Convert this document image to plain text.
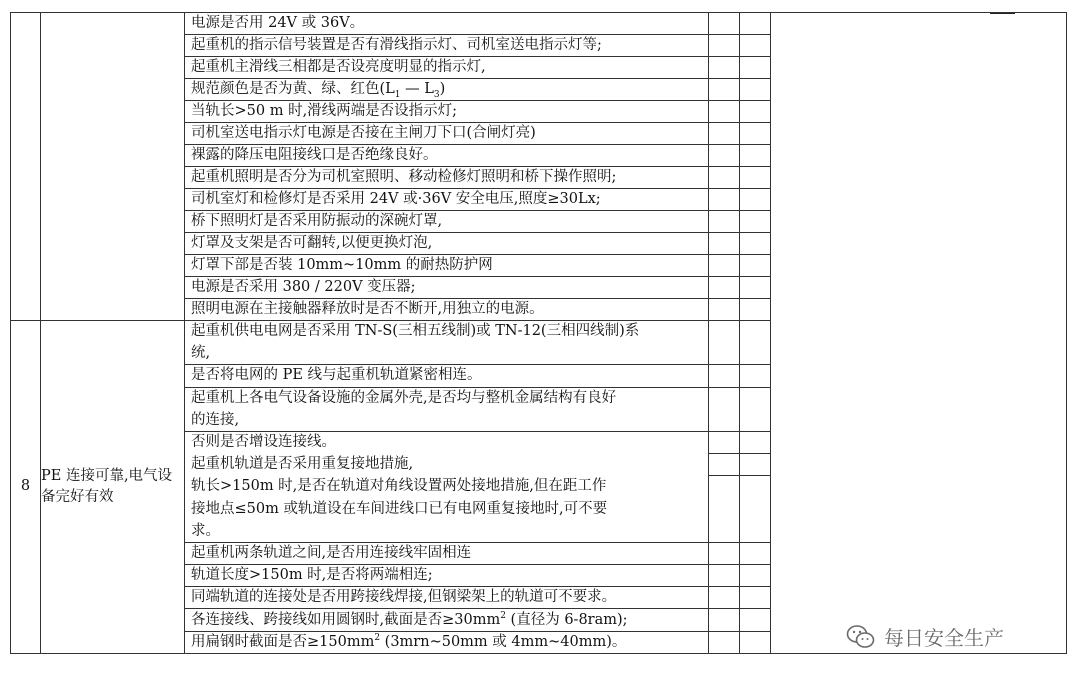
		电源是否用 24V 或 36V。			
		起重机的指示信号装置是否有滑线指示灯、司机室送电指示灯等;			
		起重机主滑线三相都是否设亮度明显的指示灯,			
		规范颜色是否为黄、绿、红色($L_1$ — $L_3$)			
		当轨长>50 m 时,滑线两端是否设指示灯;			
		司机室送电指示灯电源是否接在主闸刀下口(合闸灯亮)			
		裸露的降压电阻接线口是否绝缘良好。			
		起重机照明是否分为司机室照明、移动检修灯照明和桥下操作照明;			
		司机室灯和检修灯是否采用 24V 或·36V 安全电压,照度≥30Lx;			
		桥下照明灯是否采用防振动的深碗灯罩,			
		灯罩及支架是否可翻转,以便更换灯泡,			
		灯罩下部是否装 10mm~10mm 的耐热防护网			
		电源是否采用 380 / 220V 变压器;			
		照明电源在主接触器释放时是否不断开,用独立的电源。			
8	PE 连接可靠,电气设备完好有效	起重机供电电网是否采用 TN-S(三相五线制)或 TN-12(三相四线制)系			
		统,			
		是否将电网的 PE 线与起重机轨道紧密相连。			
		起重机上各电气设备设施的金属外壳,是否均与整机金属结构有良好			
		的连接,			
		否则是否增设连接线。			
		起重机轨道是否采用重复接地措施,			
		轨长>150m 时,是否在轨道对角线设置两处接地措施,但在距工作			
		接地点≤50m 或轨道设在车间进线口已有电网重复接地时,可不要			
		求。			
		起重机两条轨道之间,是否用连接线牢固相连			
		轨道长度>150m 时,是否将两端相连;			
		同端轨道的连接处是否用跨接线焊接,但钢梁架上的轨道可不要求。			
		各连接线、跨接线如用圆钢时,截面是否$\ge 30mm^2$ (直径为 6-8ram);			
		用扁钢时截面是否$\ge 150mm^2$ (3mrn~50mm 或 4mm~40mm)。				每日安全生产
